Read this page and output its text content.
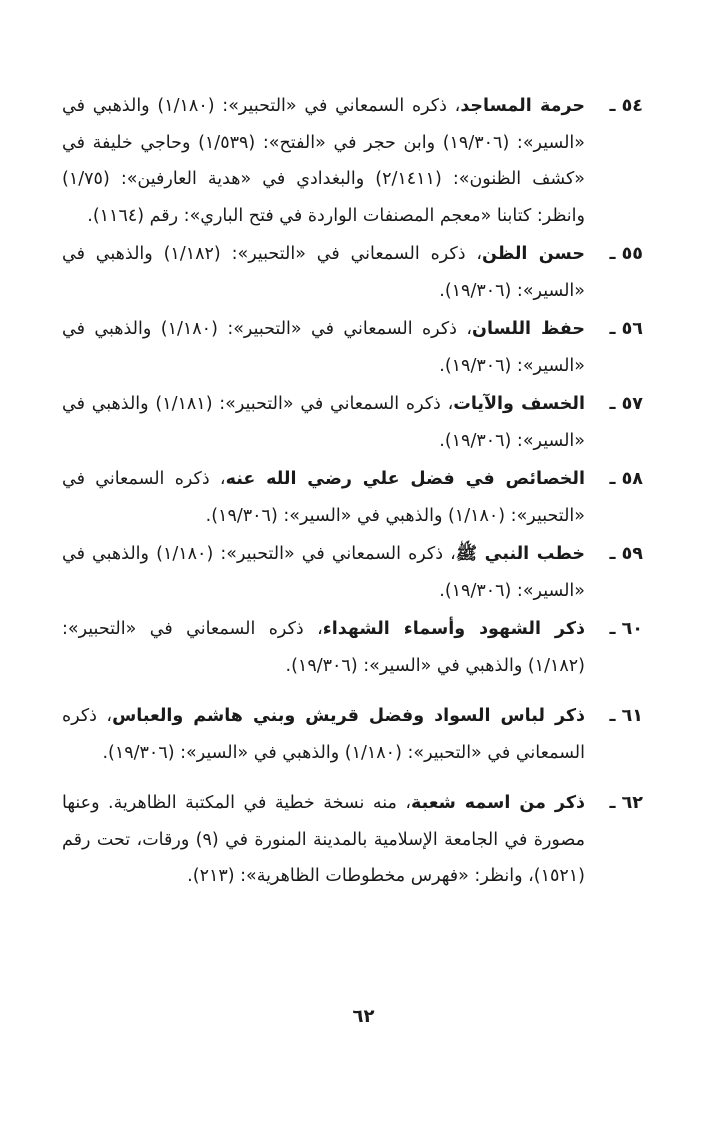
٥٤ ـ
حرمة المساجد، ذكره السمعاني في «التحبير»: (١/١٨٠) والذهبي في «السير»: (١٩/٣٠٦) وابن حجر في «الفتح»: (١/٥٣٩) وحاجي خليفة في «كشف الظنون»: (٢/١٤١١) والبغدادي في «هدية العارفين»: (١/٧٥) وانظر: كتابنا «معجم المصنفات الواردة في فتح الباري»: رقم (١١٦٤).

٥٥ ـ
حسن الظن، ذكره السمعاني في «التحبير»: (١/١٨٢) والذهبي في «السير»: (١٩/٣٠٦).

٥٦ ـ
حفظ اللسان، ذكره السمعاني في «التحبير»: (١/١٨٠) والذهبي في «السير»: (١٩/٣٠٦).

٥٧ ـ
الخسف والآيات، ذكره السمعاني في «التحبير»: (١/١٨١) والذهبي في «السير»: (١٩/٣٠٦).

٥٨ ـ
الخصائص في فضل علي رضي الله عنه، ذكره السمعاني في «التحبير»: (١/١٨٠) والذهبي في «السير»: (١٩/٣٠٦).

٥٩ ـ
خطب النبي ﷺ، ذكره السمعاني في «التحبير»: (١/١٨٠) والذهبي في «السير»: (١٩/٣٠٦).

٦٠ ـ
ذكر الشهود وأسماء الشهداء، ذكره السمعاني في «التحبير»: (١/١٨٢) والذهبي في «السير»: (١٩/٣٠٦).

٦١ ـ
ذكر لباس السواد وفضل قريش وبني هاشم والعباس، ذكره السمعاني في «التحبير»: (١/١٨٠) والذهبي في «السير»: (١٩/٣٠٦).

٦٢ ـ
ذكر من اسمه شعبة، منه نسخة خطية في المكتبة الظاهرية. وعنها مصورة في الجامعة الإسلامية بالمدينة المنورة في (٩) ورقات، تحت رقم (١٥٢١)، وانظر: «فهرس مخطوطات الظاهرية»: (٢١٣).

٦٢
